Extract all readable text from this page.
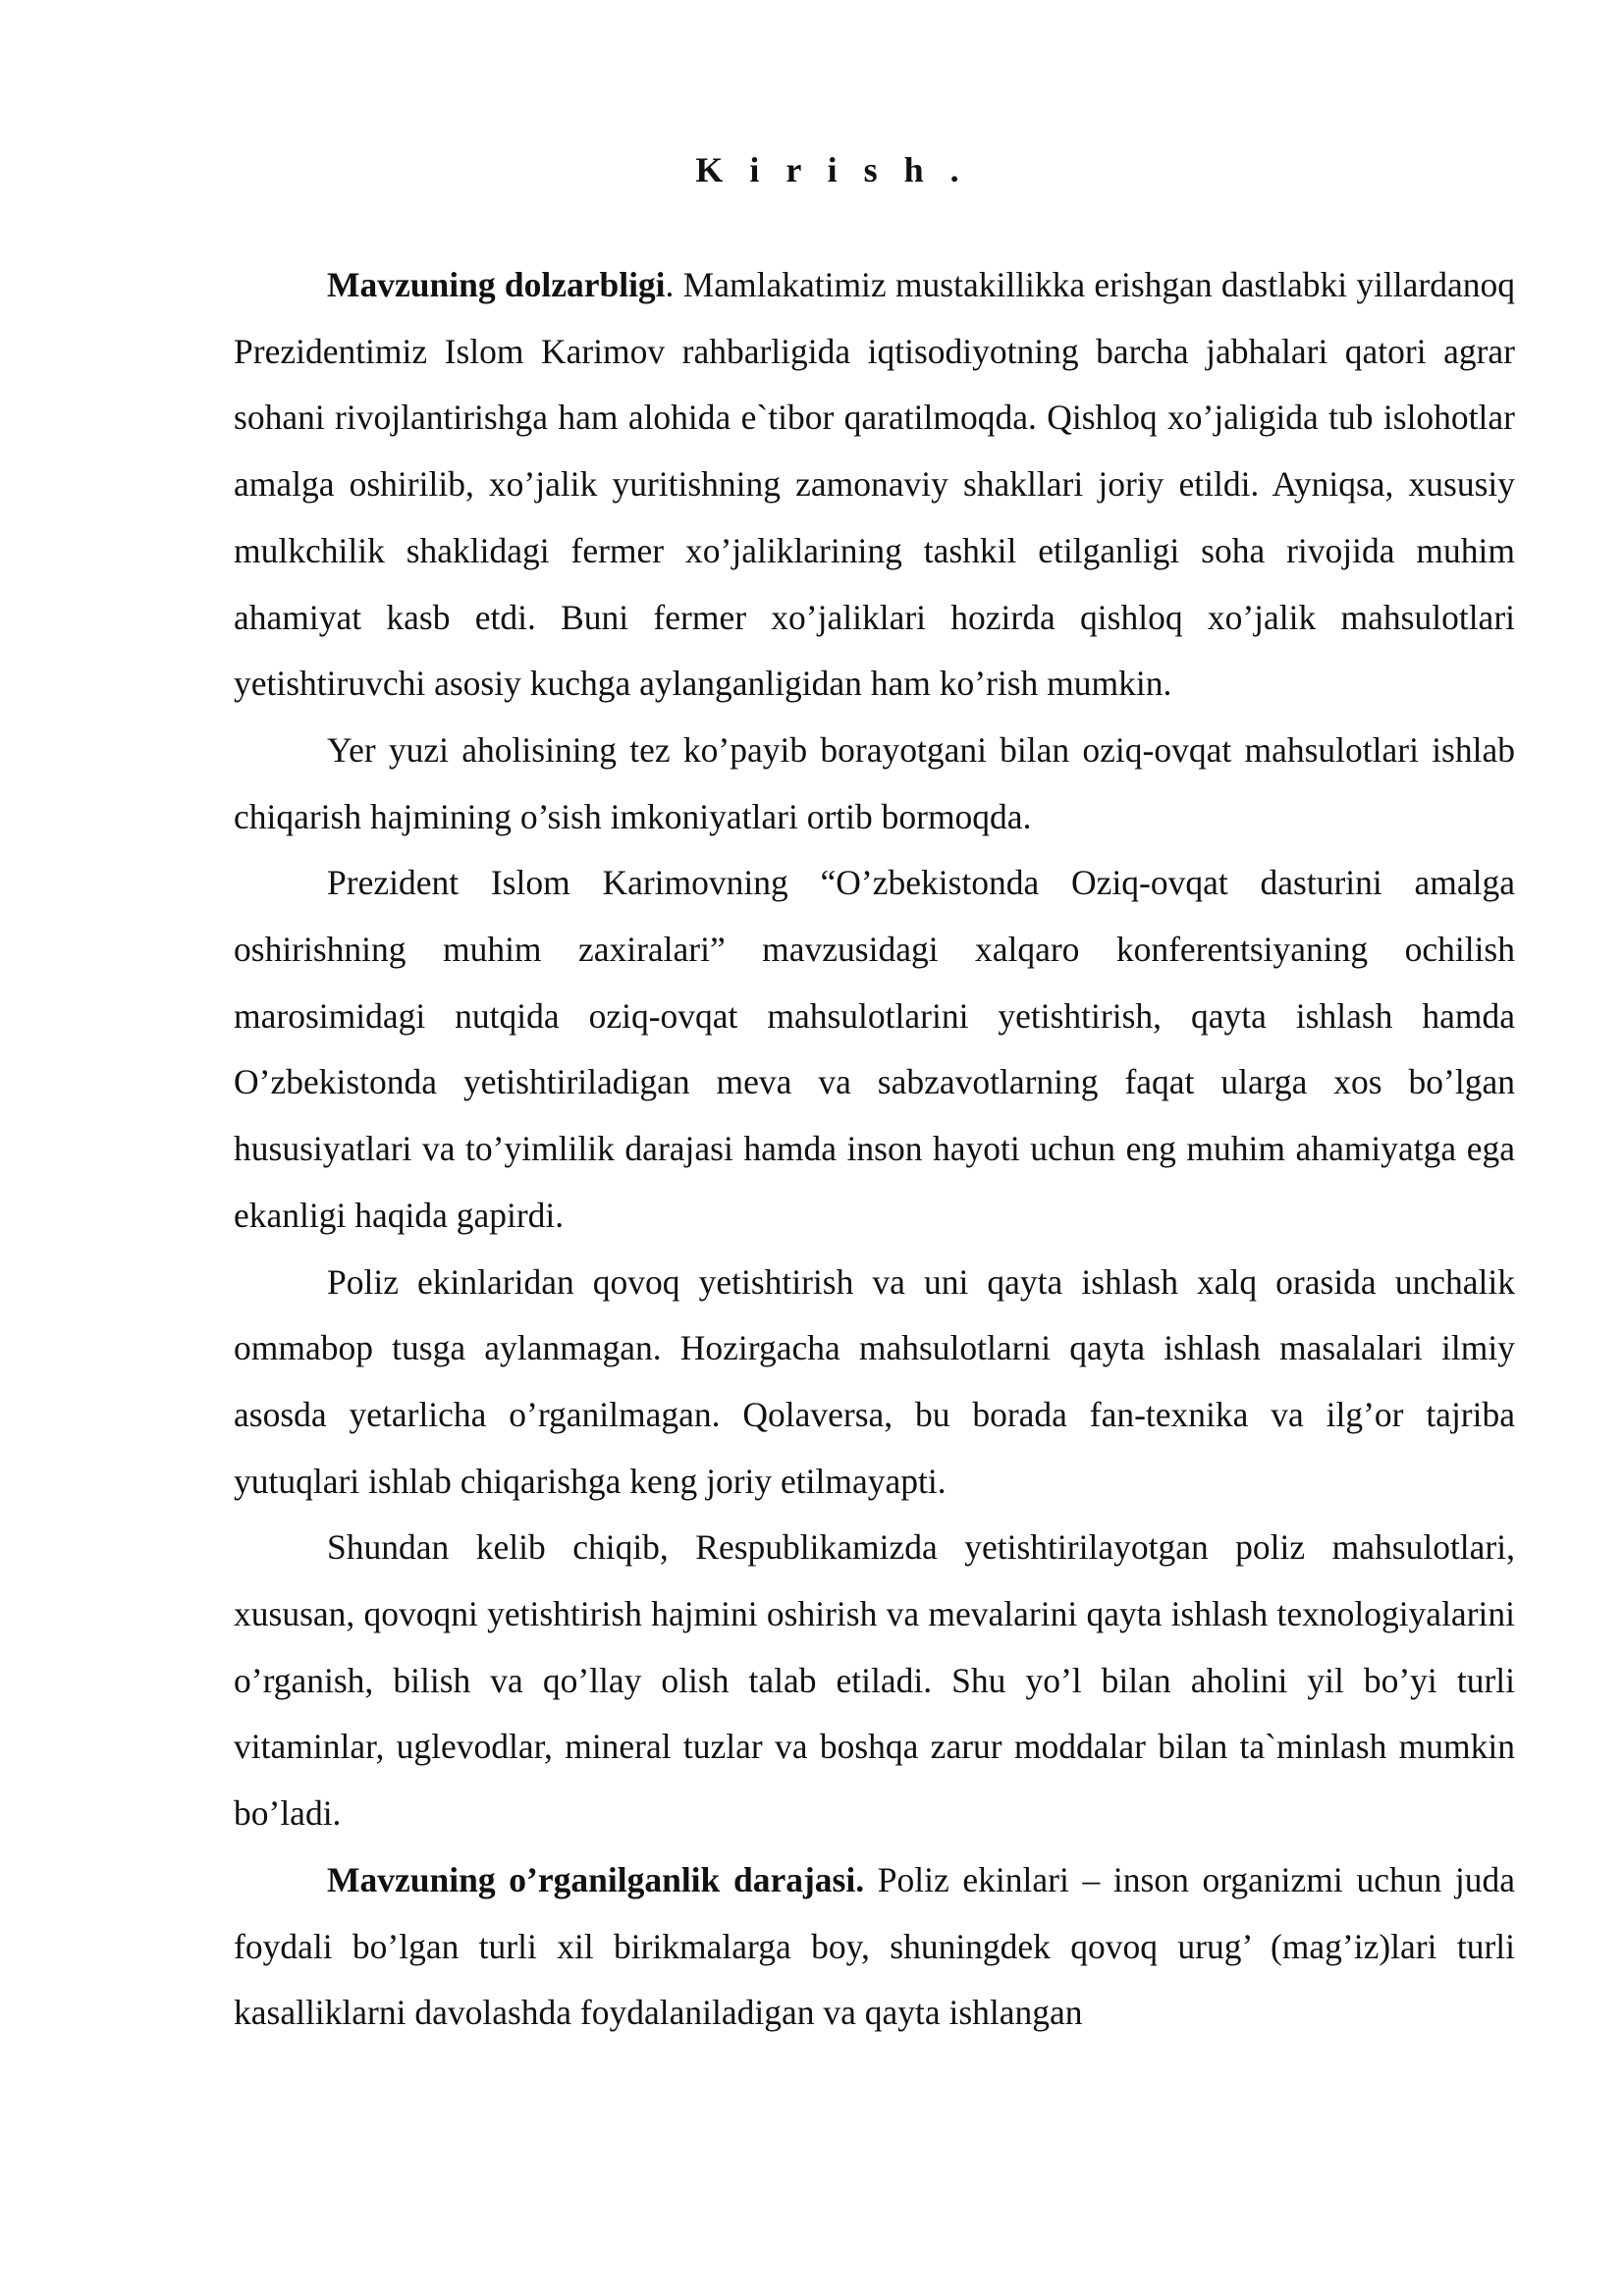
K i r i s h .

Mavzuning dolzarbligi. Mamlakatimiz mustakillikka erishgan dastlabki yillardanoq Prezidentimiz Islom Karimov rahbarligida iqtisodiyotning barcha jabhalari qatori agrar sohani rivojlantirishga ham alohida e`tibor qaratilmoqda. Qishloq xo’jaligida tub islohotlar amalga oshirilib, xo’jalik yuritishning zamonaviy shakllari joriy etildi. Ayniqsa, xususiy mulkchilik shaklidagi fermer xo’jaliklarining tashkil etilganligi soha rivojida muhim ahamiyat kasb etdi. Buni fermer xo’jaliklari hozirda qishloq xo’jalik mahsulotlari yetishtiruvchi asosiy kuchga aylanganligidan ham ko’rish mumkin.

Yer yuzi aholisining tez ko’payib borayotgani bilan oziq-ovqat mahsulotlari ishlab chiqarish hajmining o’sish imkoniyatlari ortib bormoqda.

Prezident Islom Karimovning “O’zbekistonda Oziq-ovqat dasturini amalga oshirishning muhim zaxiralari” mavzusidagi xalqaro konferentsiyaning ochilish marosimidagi nutqida oziq-ovqat mahsulotlarini yetishtirish, qayta ishlash hamda O’zbekistonda yetishtiriladigan meva va sabzavotlarning faqat ularga xos bo’lgan hususiyatlari va to’yimlilik darajasi hamda inson hayoti uchun eng muhim ahamiyatga ega ekanligi haqida gapirdi.

Poliz ekinlaridan qovoq yetishtirish va uni qayta ishlash xalq orasida unchalik ommabop tusga aylanmagan. Hozirgacha mahsulotlarni qayta ishlash masalalari ilmiy asosda yetarlicha o’rganilmagan. Qolaversa, bu borada fan-texnika va ilg’or tajriba yutuqlari ishlab chiqarishga keng joriy etilmayapti.

Shundan kelib chiqib, Respublikamizda yetishtirilayotgan poliz mahsulotlari, xususan, qovoqni yetishtirish hajmini oshirish va mevalarini qayta ishlash texnologiyalarini o’rganish, bilish va qo’llay olish talab etiladi. Shu yo’l bilan aholini yil bo’yi turli vitaminlar, uglevodlar, mineral tuzlar va boshqa zarur moddalar bilan ta`minlash mumkin bo’ladi.

Mavzuning o’rganilganlik darajasi. Poliz ekinlari – inson organizmi uchun juda foydali bo’lgan turli xil birikmalarga boy, shuningdek qovoq urug’ (mag’iz)lari turli kasalliklarni davolashda foydalaniladigan va qayta ishlangan
